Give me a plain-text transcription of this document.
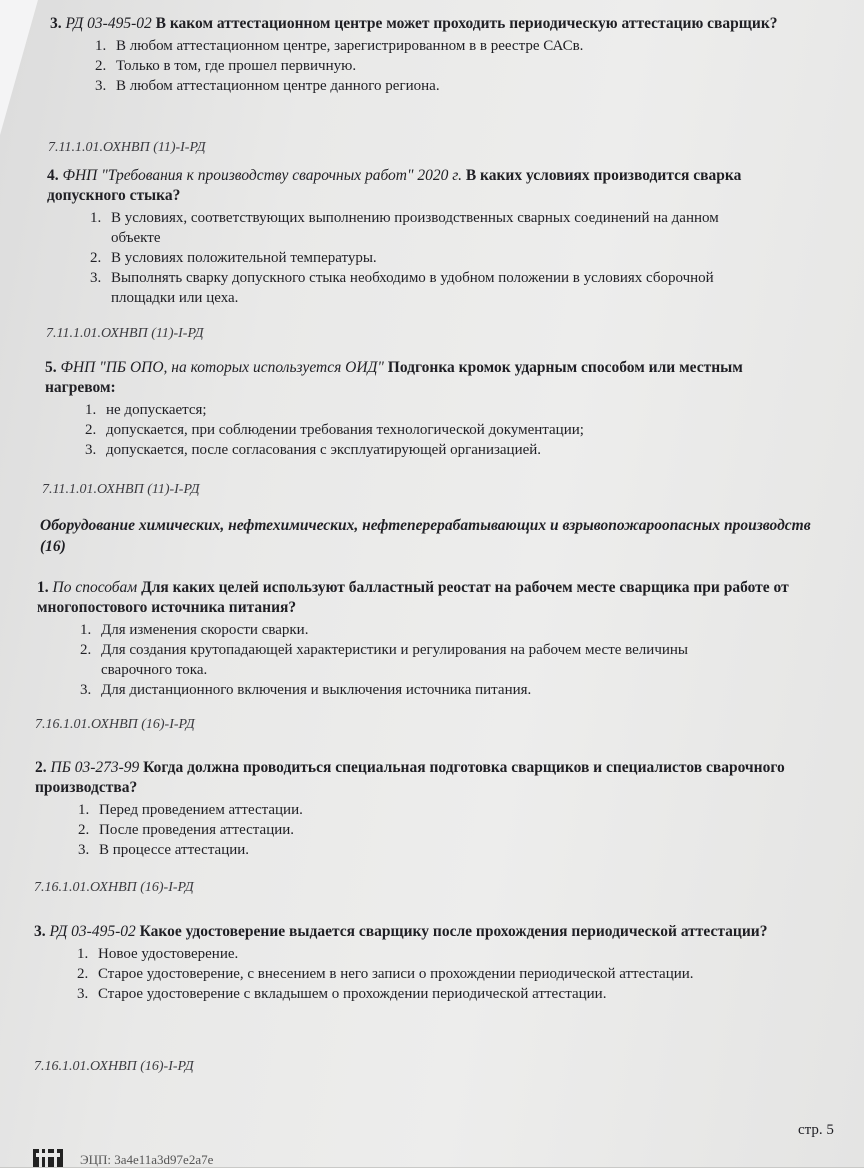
3. РД 03-495-02 В каком аттестационном центре может проходить периодическую аттестацию сварщик?

1. В любом аттестационном центре, зарегистрированном в в реестре САСв.
2. Только в том, где прошел первичную.
3. В любом аттестационном центре данного региона.
7.11.1.01.ОХНВП (11)-I-РД

4. ФНП "Требования к производству сварочных работ" 2020 г. В каких условиях производится сварка допускного стыка?

1. В условиях, соответствующих выполнению производственных сварных соединений на данном объекте
2. В условиях положительной температуры.
3. Выполнять сварку допускного стыка необходимо в удобном положении в условиях сборочной площадки или цеха.
7.11.1.01.ОХНВП (11)-I-РД

5. ФНП "ПБ ОПО, на которых используется ОИД" Подгонка кромок ударным способом или местным нагревом:

1. не допускается;
2. допускается, при соблюдении требования технологической документации;
3. допускается, после согласования с эксплуатирующей организацией.
7.11.1.01.ОХНВП (11)-I-РД
Оборудование химических, нефтехимических, нефтеперерабатывающих и взрывопожароопасных производств (16)

1. По способам Для каких целей используют балластный реостат на рабочем месте сварщика при работе от многопостового источника питания?

1. Для изменения скорости сварки.
2. Для создания крутопадающей характеристики и регулирования на рабочем месте величины сварочного тока.
3. Для дистанционного включения и выключения источника питания.
7.16.1.01.ОХНВП (16)-I-РД

2. ПБ 03-273-99 Когда должна проводиться специальная подготовка сварщиков и специалистов сварочного производства?

1. Перед проведением аттестации.
2. После проведения аттестации.
3. В процессе аттестации.
7.16.1.01.ОХНВП (16)-I-РД

3. РД 03-495-02 Какое удостоверение выдается сварщику после прохождения периодической аттестации?

1. Новое удостоверение.
2. Старое удостоверение, с внесением в него записи о прохождении периодической аттестации.
3. Старое удостоверение с вкладышем о прохождении периодической аттестации.
7.16.1.01.ОХНВП (16)-I-РД
стр. 5
ЭЦП: 3a4e11a3d97e2a7e
